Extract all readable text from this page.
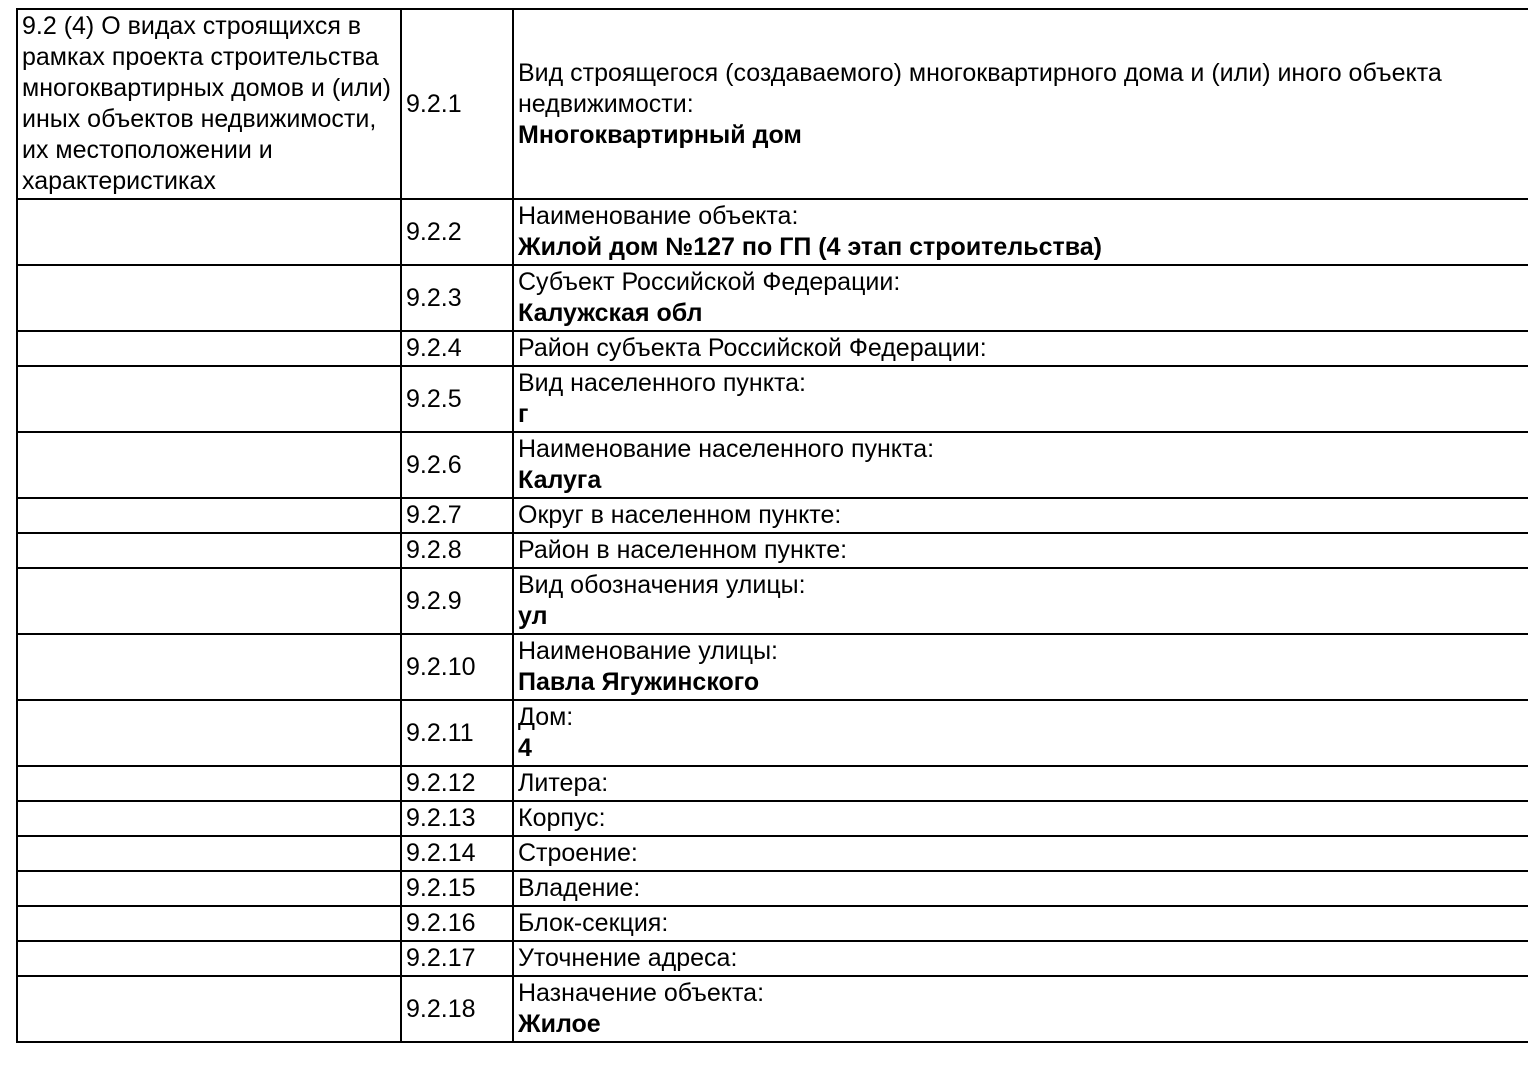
9.2 (4) О видах строящихся в рамках проекта строительства многоквартирных домов и (или) иных объектов недвижимости, их местоположении и характеристиках	9.2.1	Вид строящегося (создаваемого) многоквартирного дома и (или) иного объекта недвижимости:
Многоквартирный дом

	9.2.2	Наименование объекта:
Жилой дом №127 по ГП (4 этап строительства)

	9.2.3	Субъект Российской Федерации:
Калужская обл

	9.2.4	Район субъекта Российской Федерации:

	9.2.5	Вид населенного пункта:
г

	9.2.6	Наименование населенного пункта:
Калуга

	9.2.7	Округ в населенном пункте:

	9.2.8	Район в населенном пункте:

	9.2.9	Вид обозначения улицы:
ул

	9.2.10	Наименование улицы:
Павла Ягужинского

	9.2.11	Дом:
4

	9.2.12	Литера:

	9.2.13	Корпус:

	9.2.14	Строение:

	9.2.15	Владение:

	9.2.16	Блок-секция:

	9.2.17	Уточнение адреса:

	9.2.18	Назначение объекта:
Жилое
